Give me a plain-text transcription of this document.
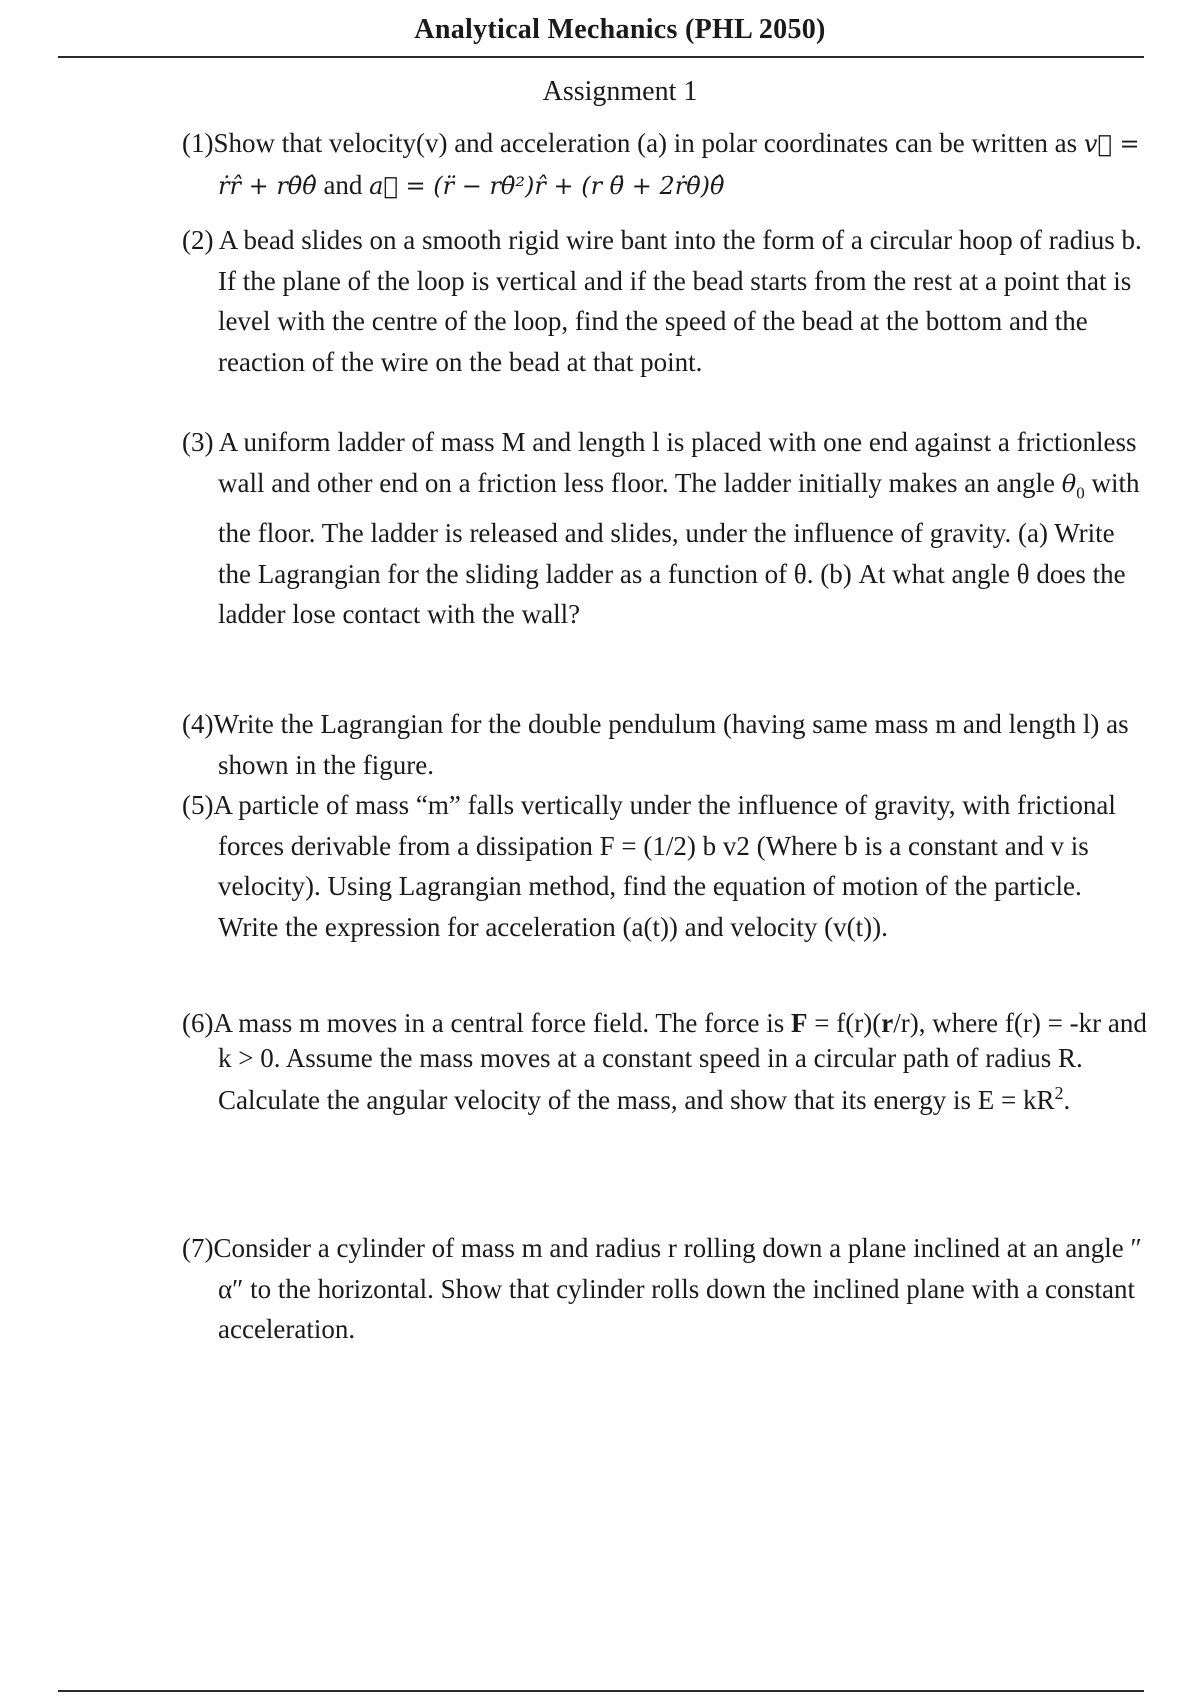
Analytical Mechanics (PHL 2050)
Assignment 1
(1)Show that velocity(v) and acceleration (a) in polar coordinates can be written as v⃗ = ṙr̂ + rθ̇θ̂ and a⃗ = (r̈ − rθ̇²)r̂ + (r θ̈ + 2ṙθ̇)θ̂
(2) A bead slides on a smooth rigid wire bant into the form of a circular hoop of radius b. If the plane of the loop is vertical and if the bead starts from the rest at a point that is level with the centre of the loop, find the speed of the bead at the bottom and the reaction of the wire on the bead at that point.
(3) A uniform ladder of mass M and length l is placed with one end against a frictionless wall and other end on a friction less floor. The ladder initially makes an angle $\theta_0$ with the floor. The ladder is released and slides, under the influence of gravity. (a) Write the Lagrangian for the sliding ladder as a function of θ. (b) At what angle θ does the ladder lose contact with the wall?
(4)Write the Lagrangian for the double pendulum (having same mass m and length l) as shown in the figure.
(5)A particle of mass “m” falls vertically under the influence of gravity, with frictional forces derivable from a dissipation F = (1/2) b v2 (Where b is a constant and v is velocity). Using Lagrangian method, find the equation of motion of the particle. Write the expression for acceleration (a(t)) and velocity (v(t)).
(6)A mass m moves in a central force field. The force is F = f(r)(r/r), where f(r) = -kr and k > 0. Assume the mass moves at a constant speed in a circular path of radius R. Calculate the angular velocity of the mass, and show that its energy is $E = kR^2$.
(7)Consider a cylinder of mass m and radius r rolling down a plane inclined at an angle ″ α″ to the horizontal. Show that cylinder rolls down the inclined plane with a constant acceleration.
